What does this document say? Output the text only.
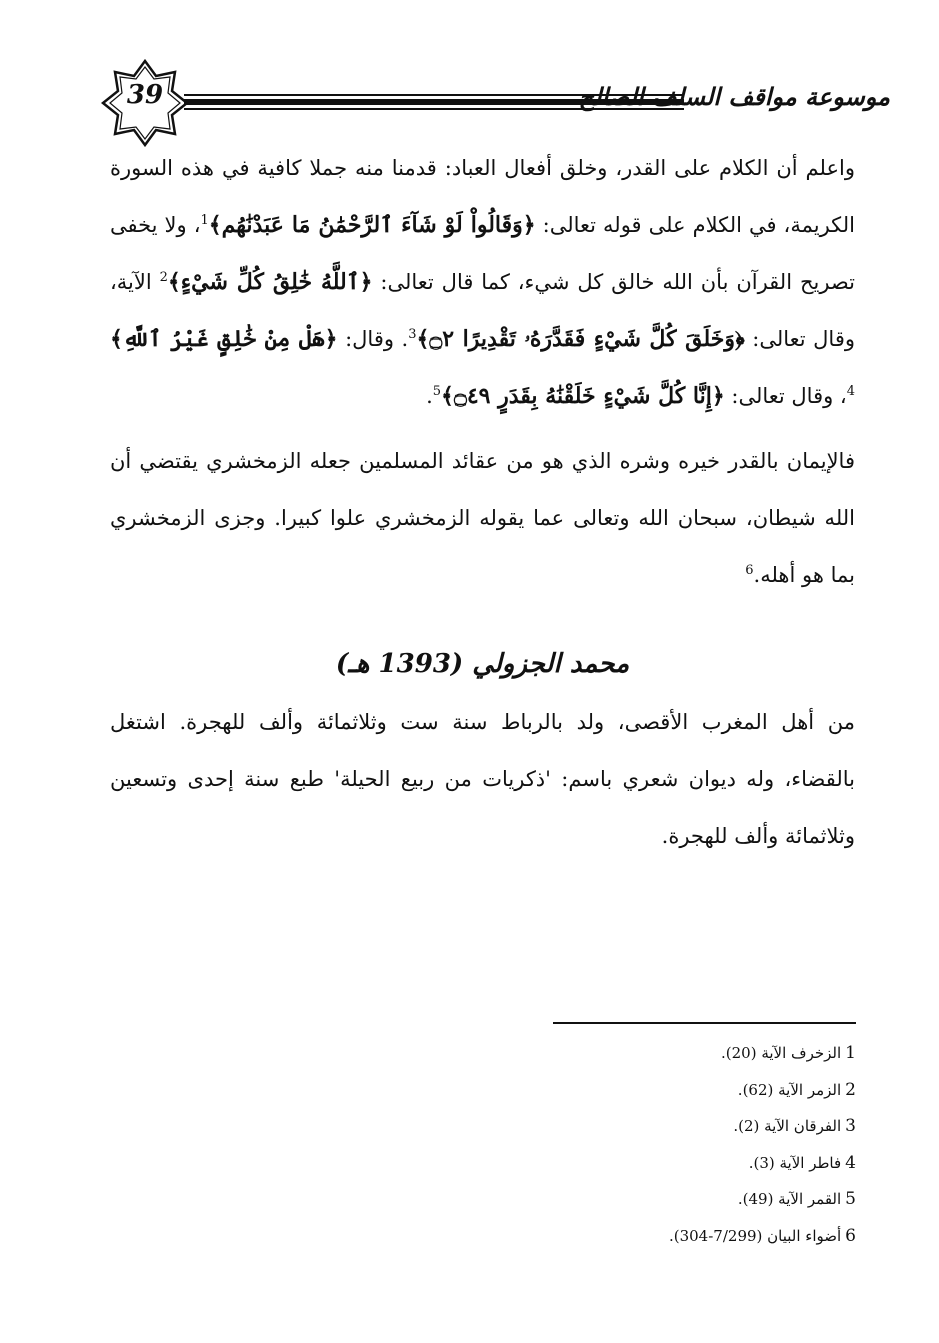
39	موسوعة مواقف السلف الصالح

واعلم أن الكلام على القدر، وخلق أفعال العباد: قدمنا منه جملا كافية في هذه السورة الكريمة، في الكلام على قوله تعالى: ﴿وَقَالُواْ لَوْ شَآءَ ٱلرَّحْمَٰنُ مَا عَبَدْنَٰهُم﴾$^1$، ولا يخفى تصريح القرآن بأن الله خالق كل شيء، كما قال تعالى: ﴿ٱللَّهُ خَٰلِقُ كُلِّ شَيْءٍ﴾$^2$ الآية، وقال تعالى: ﴿وَخَلَقَ كُلَّ شَيْءٍ فَقَدَّرَهُۥ تَقْدِيرًا ۝٢﴾$^3$. وقال: ﴿هَلْ مِنْ خَٰلِقٍ غَيْرُ ٱللَّهِ﴾$^4$، وقال تعالى: ﴿إِنَّا كُلَّ شَيْءٍ خَلَقْنَٰهُ بِقَدَرٍ ۝٤٩﴾$^5$.

فالإيمان بالقدر خيره وشره الذي هو من عقائد المسلمين جعله الزمخشري يقتضي أن الله شيطان، سبحان الله وتعالى عما يقوله الزمخشري علوا كبيرا. وجزى الزمخشري بما هو أهله.$^6$

محمد الجزولي (1393 هـ)

من أهل المغرب الأقصى، ولد بالرباط سنة ست وثلاثمائة وألف للهجرة. اشتغل بالقضاء، وله ديوان شعري باسم: 'ذكريات من ربيع الحيلة' طبع سنة إحدى وتسعين وثلاثمائة وألف للهجرة.

1الزخرف الآية (20).
2الزمر الآية (62).
3الفرقان الآية (2).
4فاطر الآية (3).
5القمر الآية (49).
6أضواء البيان (7/299-304).
